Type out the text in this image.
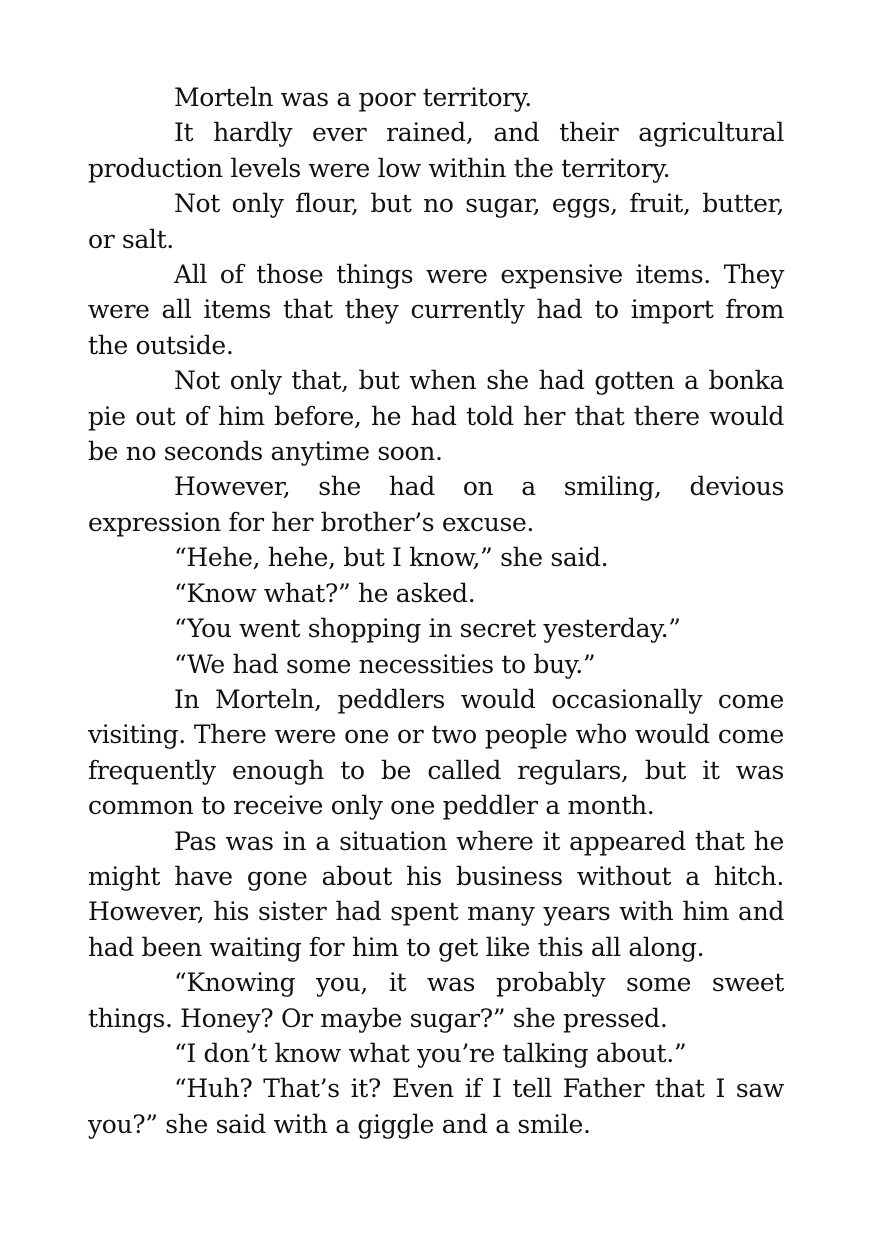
Morteln was a poor territory.

It hardly ever rained, and their agricultural production levels were low within the territory.

Not only flour, but no sugar, eggs, fruit, butter, or salt.

All of those things were expensive items. They were all items that they currently had to import from the outside.

Not only that, but when she had gotten a bonka pie out of him before, he had told her that there would be no seconds anytime soon.

However, she had on a smiling, devious expression for her brother’s excuse.

“Hehe, hehe, but I know,” she said.

“Know what?” he asked.

“You went shopping in secret yesterday.”

“We had some necessities to buy.”

In Morteln, peddlers would occasionally come visiting. There were one or two people who would come frequently enough to be called regulars, but it was common to receive only one peddler a month.

Pas was in a situation where it appeared that he might have gone about his business without a hitch. However, his sister had spent many years with him and had been waiting for him to get like this all along.

“Knowing you, it was probably some sweet things. Honey? Or maybe sugar?” she pressed.

“I don’t know what you’re talking about.”

“Huh? That’s it? Even if I tell Father that I saw you?” she said with a giggle and a smile.
